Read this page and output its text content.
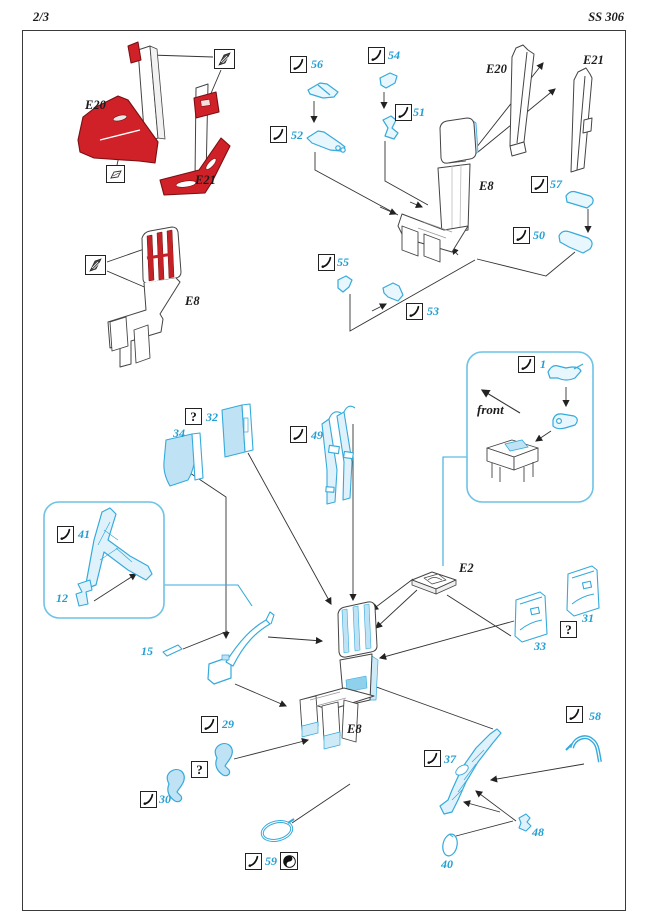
2/3	SS 306
?
?
?
56
54
52
51
57
50
55
53
1
32
34	49
41
12
15
29
30
59
33
31
37
58
48
40
E20
E21
E8
E8
E20
E21
E2
E8
front
